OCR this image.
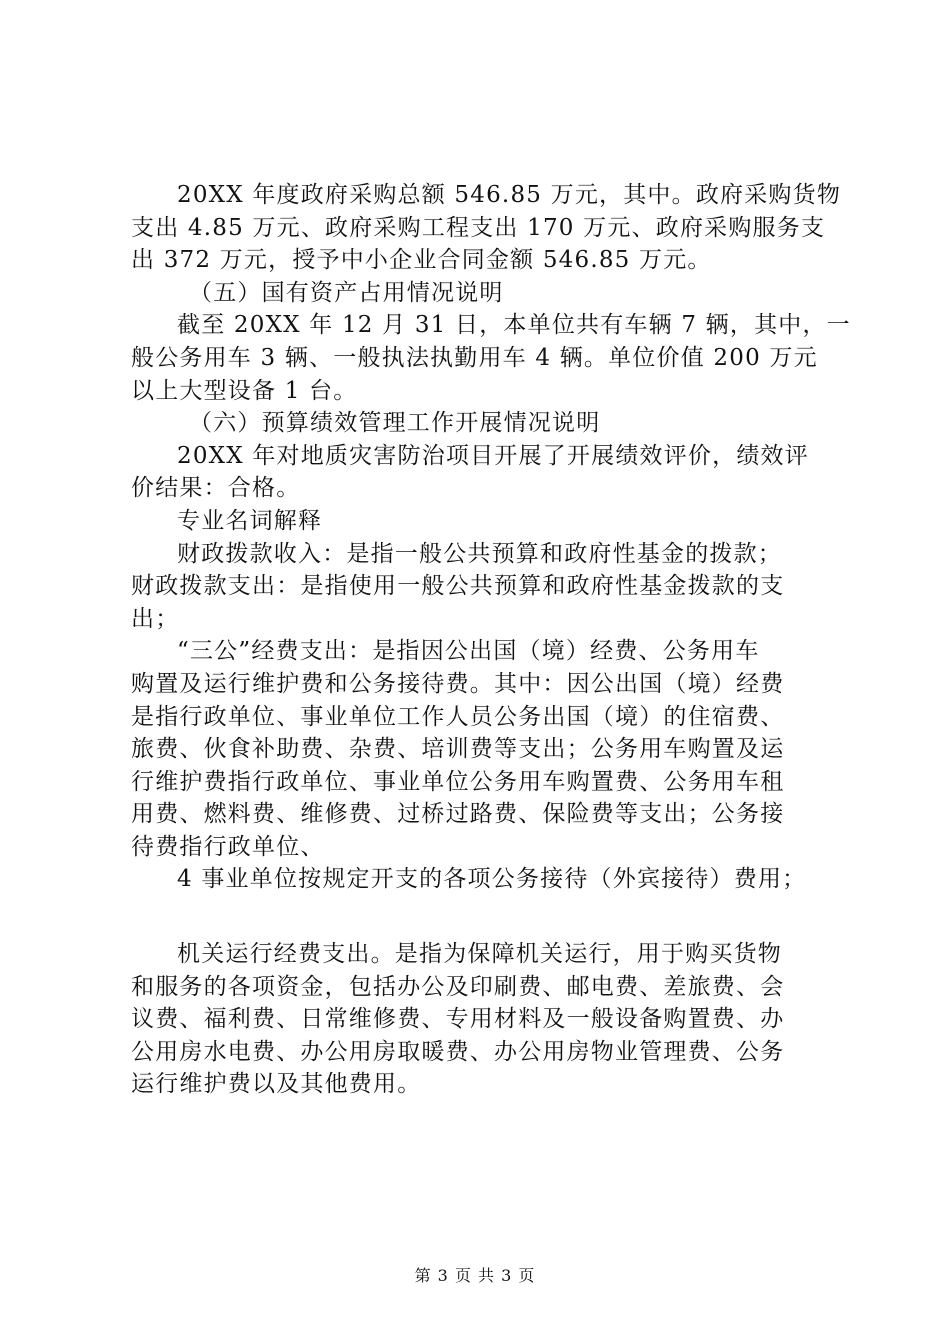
20XX 年度政府采购总额 546.85 万元，其中。政府采购货物
支出 4.85 万元、政府采购工程支出 170 万元、政府采购服务支
出 372 万元，授予中小企业合同金额 546.85 万元。
（五）国有资产占用情况说明
截至 20XX 年 12 月 31 日，本单位共有车辆 7 辆，其中，一
般公务用车 3 辆、一般执法执勤用车 4 辆。单位价值 200 万元
以上大型设备 1 台。
（六）预算绩效管理工作开展情况说明
20XX 年对地质灾害防治项目开展了开展绩效评价，绩效评
价结果：合格。
专业名词解释
财政拨款收入：是指一般公共预算和政府性基金的拨款；
财政拨款支出：是指使用一般公共预算和政府性基金拨款的支
出；
“三公”经费支出：是指因公出国（境）经费、公务用车
购置及运行维护费和公务接待费。其中：因公出国（境）经费
是指行政单位、事业单位工作人员公务出国（境）的住宿费、
旅费、伙食补助费、杂费、培训费等支出；公务用车购置及运
行维护费指行政单位、事业单位公务用车购置费、公务用车租
用费、燃料费、维修费、过桥过路费、保险费等支出；公务接
待费指行政单位、
4 事业单位按规定开支的各项公务接待（外宾接待）费用；
机关运行经费支出。是指为保障机关运行，用于购买货物
和服务的各项资金，包括办公及印刷费、邮电费、差旅费、会
议费、福利费、日常维修费、专用材料及一般设备购置费、办
公用房水电费、办公用房取暖费、办公用房物业管理费、公务
运行维护费以及其他费用。
第 3 页 共 3 页
